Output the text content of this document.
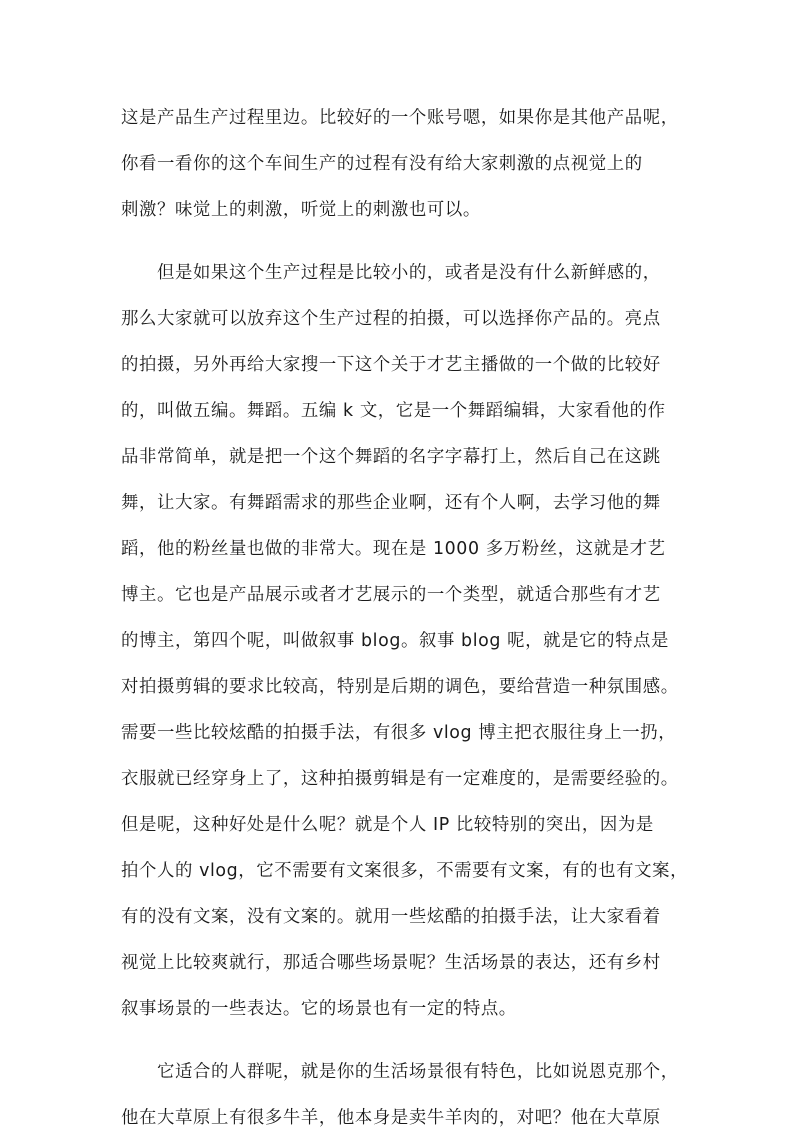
这是产品生产过程里边。比较好的一个账号嗯，如果你是其他产品呢，
你看一看你的这个车间生产的过程有没有给大家刺激的点视觉上的
刺激？味觉上的刺激，听觉上的刺激也可以。
但是如果这个生产过程是比较小的，或者是没有什么新鲜感的，
那么大家就可以放弃这个生产过程的拍摄，可以选择你产品的。亮点
的拍摄，另外再给大家搜一下这个关于才艺主播做的一个做的比较好
的，叫做五编。舞蹈。五编 k 文，它是一个舞蹈编辑，大家看他的作
品非常简单，就是把一个这个舞蹈的名字字幕打上，然后自己在这跳
舞，让大家。有舞蹈需求的那些企业啊，还有个人啊，去学习他的舞
蹈，他的粉丝量也做的非常大。现在是 1000 多万粉丝，这就是才艺
博主。它也是产品展示或者才艺展示的一个类型，就适合那些有才艺
的博主，第四个呢，叫做叙事 blog。叙事 blog 呢，就是它的特点是
对拍摄剪辑的要求比较高，特别是后期的调色，要给营造一种氛围感。
需要一些比较炫酷的拍摄手法，有很多 vlog 博主把衣服往身上一扔，
衣服就已经穿身上了，这种拍摄剪辑是有一定难度的，是需要经验的。
但是呢，这种好处是什么呢？就是个人 IP 比较特别的突出，因为是
拍个人的 vlog，它不需要有文案很多，不需要有文案，有的也有文案，
有的没有文案，没有文案的。就用一些炫酷的拍摄手法，让大家看着
视觉上比较爽就行，那适合哪些场景呢？生活场景的表达，还有乡村
叙事场景的一些表达。它的场景也有一定的特点。
它适合的人群呢，就是你的生活场景很有特色，比如说恩克那个，
他在大草原上有很多牛羊，他本身是卖牛羊肉的，对吧？他在大草原
